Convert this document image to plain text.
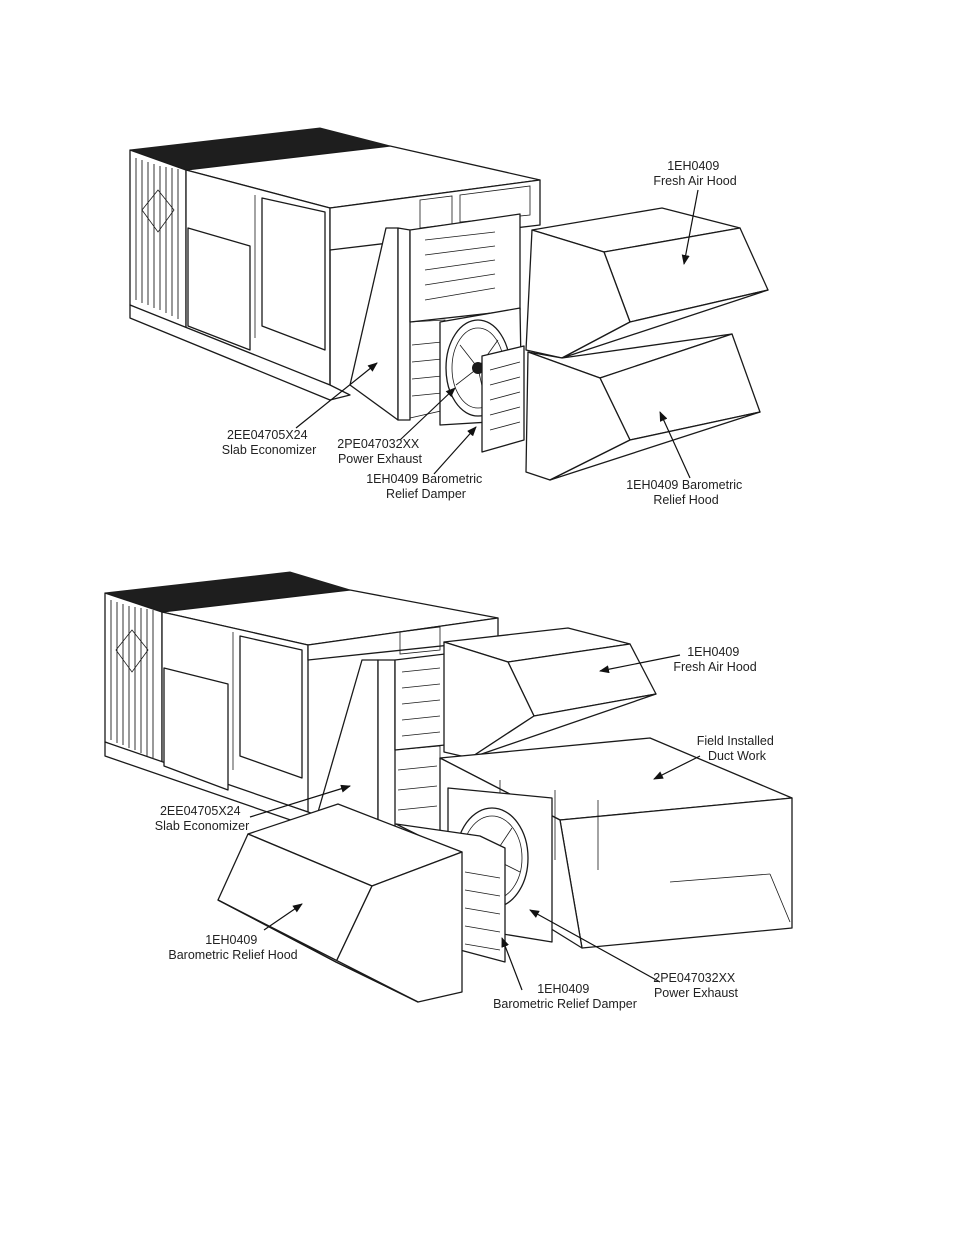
1EH0409 Fresh Air Hood
2EE04705X24 Slab Economizer 2PE047032XX Power Exhaust
1EH0409 Barometric Relief Damper
1EH0409 Barometric Relief Hood
1EH0409 Fresh Air Hood
Field Installed Duct Work
2EE04705X24 Slab Economizer
1EH0409 Barometric Relief Hood
1EH0409 Barometric Relief Damper
2PE047032XX Power Exhaust
